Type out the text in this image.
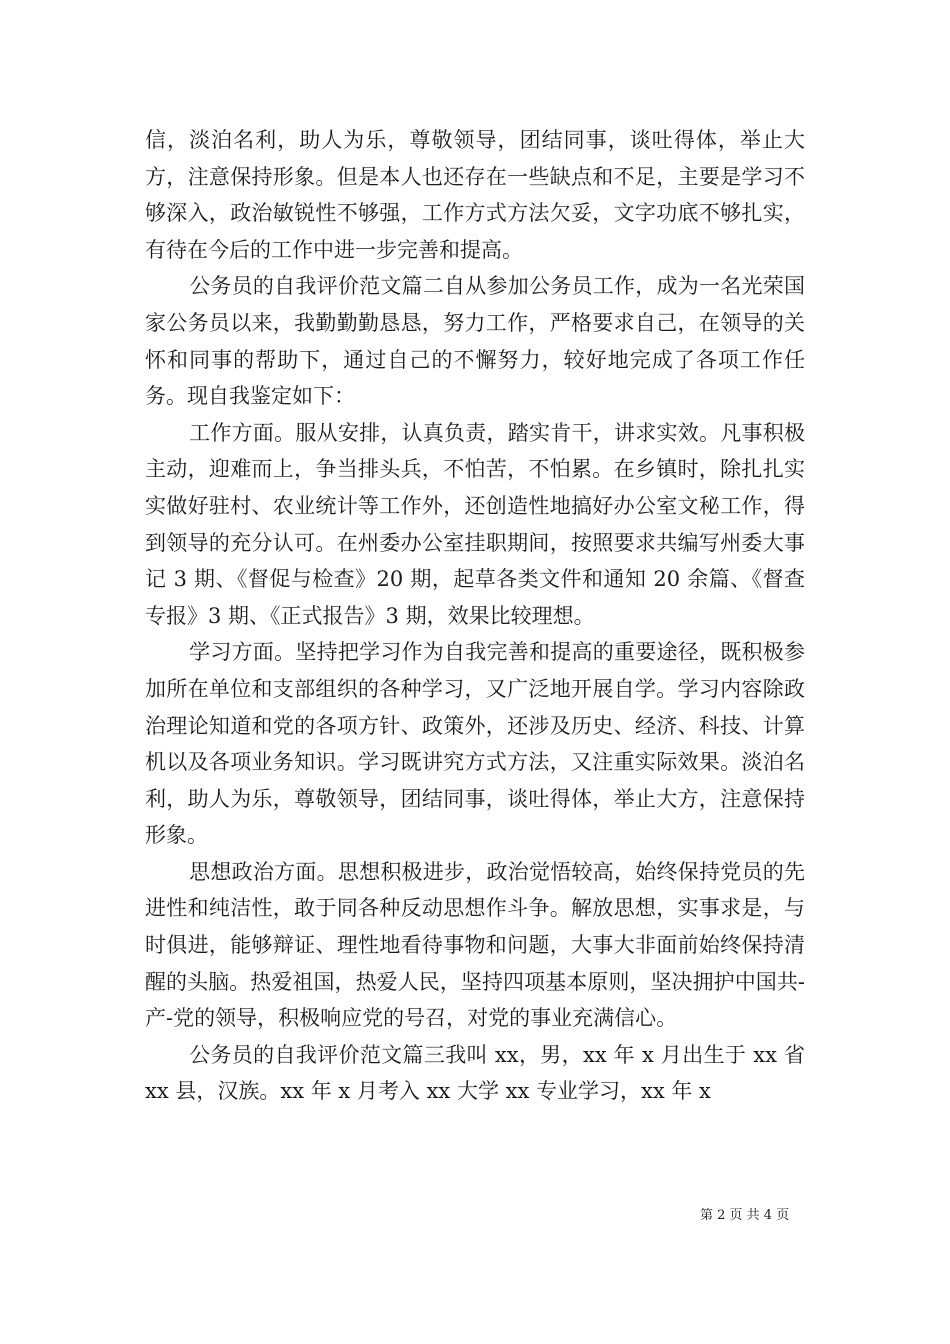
信，淡泊名利，助人为乐，尊敬领导，团结同事，谈吐得体，举止大方，注意保持形象。但是本人也还存在一些缺点和不足，主要是学习不够深入，政治敏锐性不够强，工作方式方法欠妥，文字功底不够扎实，有待在今后的工作中进一步完善和提高。

公务员的自我评价范文篇二自从参加公务员工作，成为一名光荣国家公务员以来，我勤勤勤恳恳，努力工作，严格要求自己，在领导的关怀和同事的帮助下，通过自己的不懈努力，较好地完成了各项工作任务。现自我鉴定如下：

工作方面。服从安排，认真负责，踏实肯干，讲求实效。凡事积极主动，迎难而上，争当排头兵，不怕苦，不怕累。在乡镇时，除扎扎实实做好驻村、农业统计等工作外，还创造性地搞好办公室文秘工作，得到领导的充分认可。在州委办公室挂职期间，按照要求共编写州委大事记 3 期、《督促与检查》20 期，起草各类文件和通知 20 余篇、《督查专报》3 期、《正式报告》3 期，效果比较理想。

学习方面。坚持把学习作为自我完善和提高的重要途径，既积极参加所在单位和支部组织的各种学习，又广泛地开展自学。学习内容除政治理论知道和党的各项方针、政策外，还涉及历史、经济、科技、计算机以及各项业务知识。学习既讲究方式方法，又注重实际效果。淡泊名利，助人为乐，尊敬领导，团结同事，谈吐得体，举止大方，注意保持形象。

思想政治方面。思想积极进步，政治觉悟较高，始终保持党员的先进性和纯洁性，敢于同各种反动思想作斗争。解放思想，实事求是，与时俱进，能够辩证、理性地看待事物和问题，大事大非面前始终保持清醒的头脑。热爱祖国，热爱人民，坚持四项基本原则，坚决拥护中国共-产-党的领导，积极响应党的号召，对党的事业充满信心。

公务员的自我评价范文篇三我叫 xx，男，xx 年 x 月出生于 xx 省 xx 县，汉族。xx 年 x 月考入 xx 大学 xx 专业学习，xx 年 x

第 2 页 共 4 页
